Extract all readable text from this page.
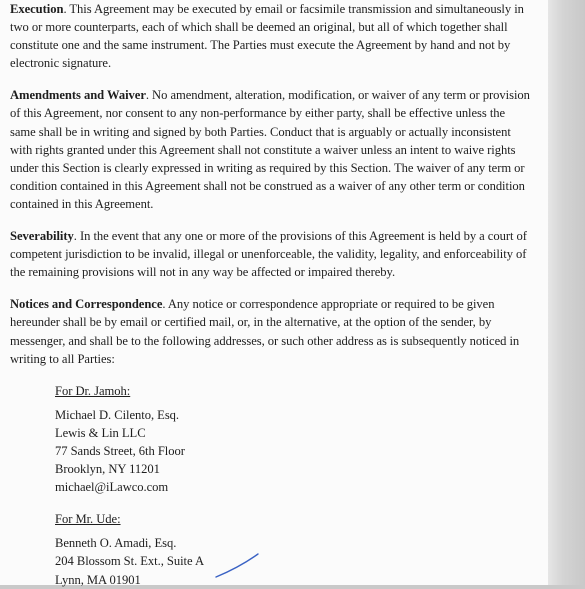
Execution. This Agreement may be executed by email or facsimile transmission and simultaneously in two or more counterparts, each of which shall be deemed an original, but all of which together shall constitute one and the same instrument. The Parties must execute the Agreement by hand and not by electronic signature.

Amendments and Waiver. No amendment, alteration, modification, or waiver of any term or provision of this Agreement, nor consent to any non-performance by either party, shall be effective unless the same shall be in writing and signed by both Parties. Conduct that is arguably or actually inconsistent with rights granted under this Agreement shall not constitute a waiver unless an intent to waive rights under this Section is clearly expressed in writing as required by this Section. The waiver of any term or condition contained in this Agreement shall not be construed as a waiver of any other term or condition contained in this Agreement.

Severability. In the event that any one or more of the provisions of this Agreement is held by a court of competent jurisdiction to be invalid, illegal or unenforceable, the validity, legality, and enforceability of the remaining provisions will not in any way be affected or impaired thereby.

Notices and Correspondence. Any notice or correspondence appropriate or required to be given hereunder shall be by email or certified mail, or, in the alternative, at the option of the sender, by messenger, and shall be to the following addresses, or such other address as is subsequently noticed in writing to all Parties:

For Dr. Jamoh:
Michael D. Cilento, Esq.
Lewis & Lin LLC
77 Sands Street, 6th Floor
Brooklyn, NY 11201
michael@iLawco.com
For Mr. Ude:
Benneth O. Amadi, Esq.
204 Blossom St. Ext., Suite A
Lynn, MA 01901
